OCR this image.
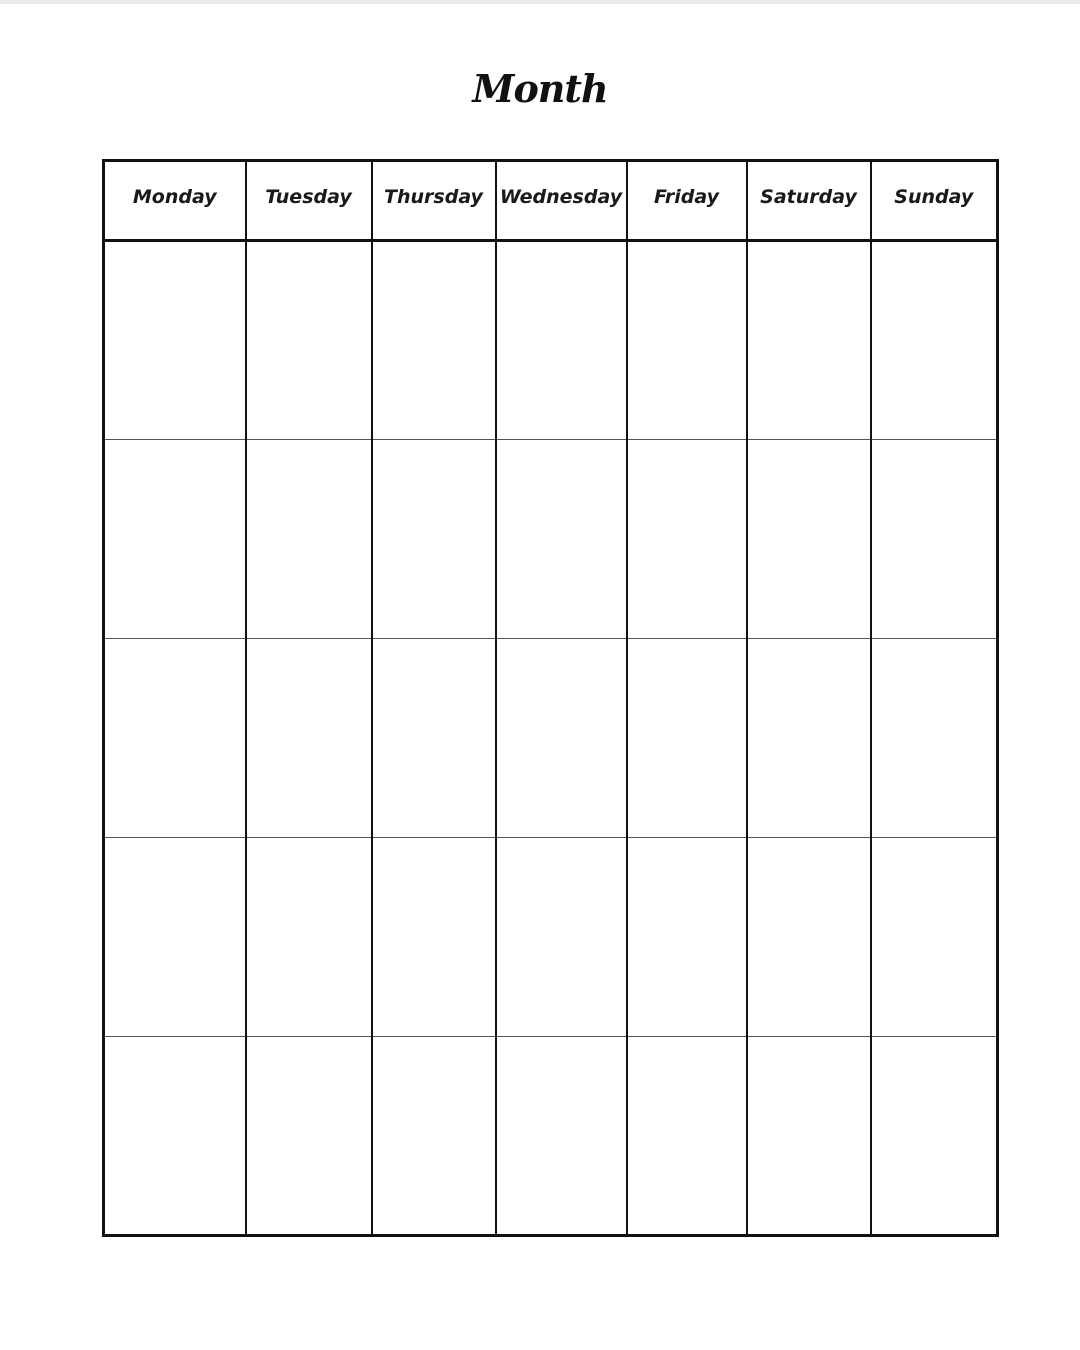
Month
Monday	Tuesday	Thursday	Wednesday	Friday	Saturday	Sunday
